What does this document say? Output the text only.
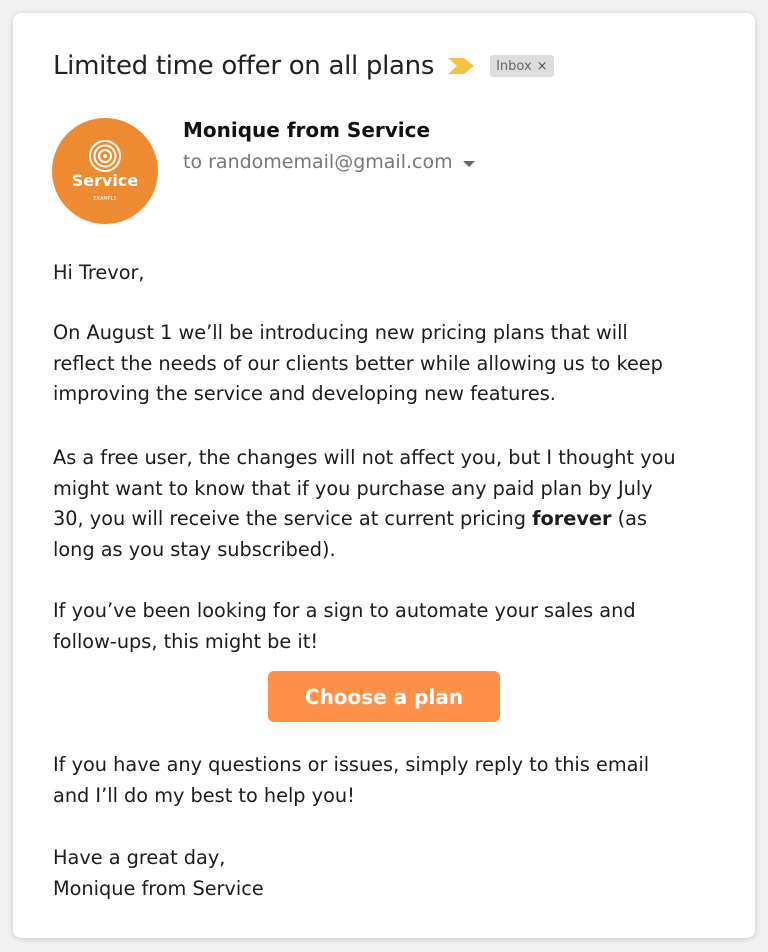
Limited time offer on all plans	Inbox ×
Service
EXAMPLE
Monique from Service
to randomemail@gmail.com
Hi Trevor,
On August 1 we’ll be introducing new pricing plans that will
reflect the needs of our clients better while allowing us to keep
improving the service and developing new features.
As a free user, the changes will not affect you, but I thought you
might want to know that if you purchase any paid plan by July
30, you will receive the service at current pricing forever (as
long as you stay subscribed).
If you’ve been looking for a sign to automate your sales and
follow-ups, this might be it!
Choose a plan
If you have any questions or issues, simply reply to this email
and I’ll do my best to help you!
Have a great day,
Monique from Service
